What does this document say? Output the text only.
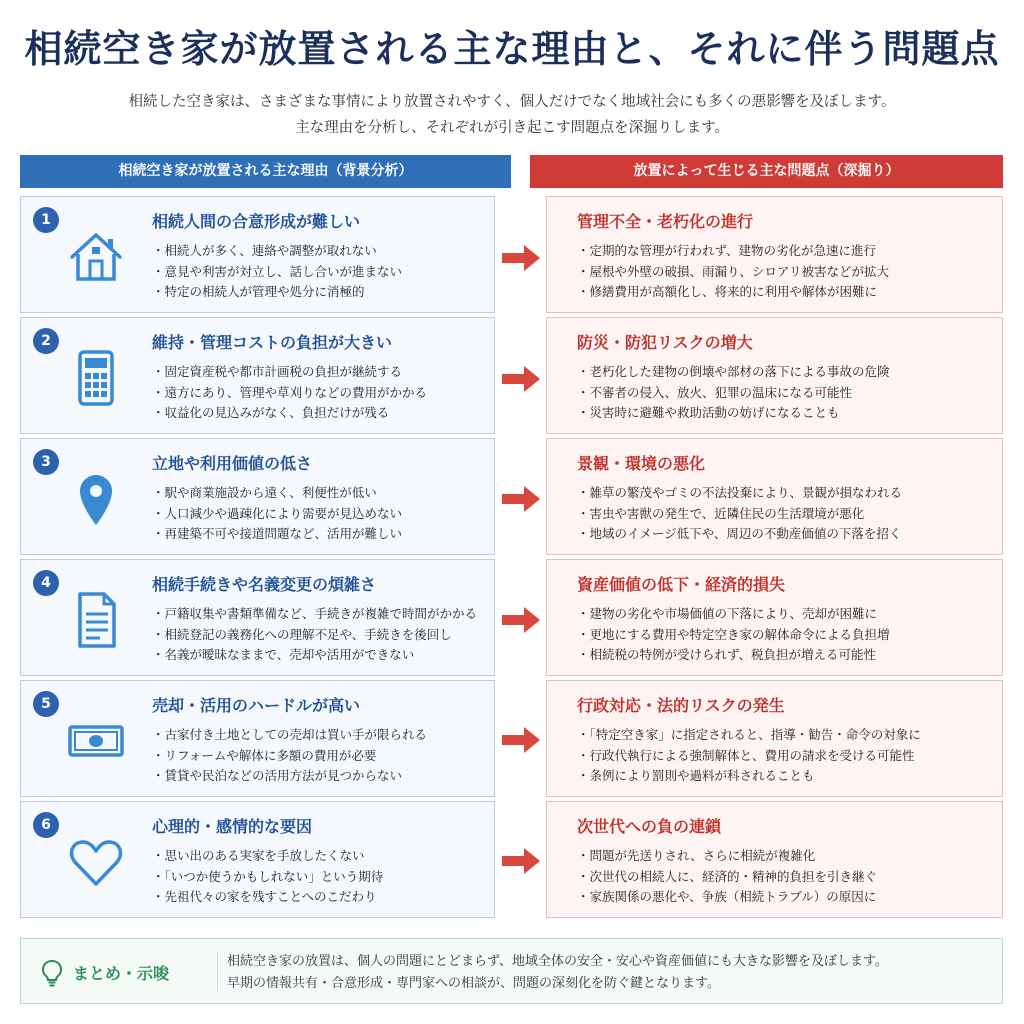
相続空き家が放置される主な理由と、それに伴う問題点
相続した空き家は、さまざまな事情により放置されやすく、個人だけでなく地域社会にも多くの悪影響を及ぼします。
主な理由を分析し、それぞれが引き起こす問題点を深掘りします。
相続空き家が放置される主な理由（背景分析）	放置によって生じる主な問題点（深掘り）
1	相続人間の合意形成が難しい
・ 相続人が多く、連絡や調整が取れない
・ 意見や利害が対立し、話し合いが進まない
・ 特定の相続人が管理や処分に消極的
管理不全・老朽化の進行
・ 定期的な管理が行われず、建物の劣化が急速に進行
・ 屋根や外壁の破損、雨漏り、シロアリ被害などが拡大
・ 修繕費用が高額化し、将来的に利用や解体が困難に
2	維持・管理コストの負担が大きい
・ 固定資産税や都市計画税の負担が継続する
・ 遠方にあり、管理や草刈りなどの費用がかかる
・ 収益化の見込みがなく、負担だけが残る
防災・防犯リスクの増大
・ 老朽化した建物の倒壊や部材の落下による事故の危険
・ 不審者の侵入、放火、犯罪の温床になる可能性
・ 災害時に避難や救助活動の妨げになることも
3	立地や利用価値の低さ
・ 駅や商業施設から遠く、利便性が低い
・ 人口減少や過疎化により需要が見込めない
・ 再建築不可や接道問題など、活用が難しい
景観・環境の悪化
・ 雑草の繁茂やゴミの不法投棄により、景観が損なわれる
・ 害虫や害獣の発生で、近隣住民の生活環境が悪化
・ 地域のイメージ低下や、周辺の不動産価値の下落を招く
4	相続手続きや名義変更の煩雑さ
・ 戸籍収集や書類準備など、手続きが複雑で時間がかかる
・ 相続登記の義務化への理解不足や、手続きを後回し
・ 名義が曖昧なままで、売却や活用ができない
資産価値の低下・経済的損失
・ 建物の劣化や市場価値の下落により、売却が困難に
・ 更地にする費用や特定空き家の解体命令による負担増
・ 相続税の特例が受けられず、税負担が増える可能性
5	売却・活用のハードルが高い
・ 古家付き土地としての売却は買い手が限られる
・ リフォームや解体に多額の費用が必要
・ 賃貸や民泊などの活用方法が見つからない
行政対応・法的リスクの発生
・ 「特定空き家」に指定されると、指導・勧告・命令の対象に
・ 行政代執行による強制解体と、費用の請求を受ける可能性
・ 条例により罰則や過料が科されることも
6	心理的・感情的な要因
・ 思い出のある実家を手放したくない
・ 「いつか使うかもしれない」という期待
・ 先祖代々の家を残すことへのこだわり
次世代への負の連鎖
・ 問題が先送りされ、さらに相続が複雑化
・ 次世代の相続人に、経済的・精神的負担を引き継ぐ
・ 家族関係の悪化や、争族（相続トラブル）の原因に
まとめ・示唆
相続空き家の放置は、個人の問題にとどまらず、地域全体の安全・安心や資産価値にも大きな影響を及ぼします。
早期の情報共有・合意形成・専門家への相談が、問題の深刻化を防ぐ鍵となります。
